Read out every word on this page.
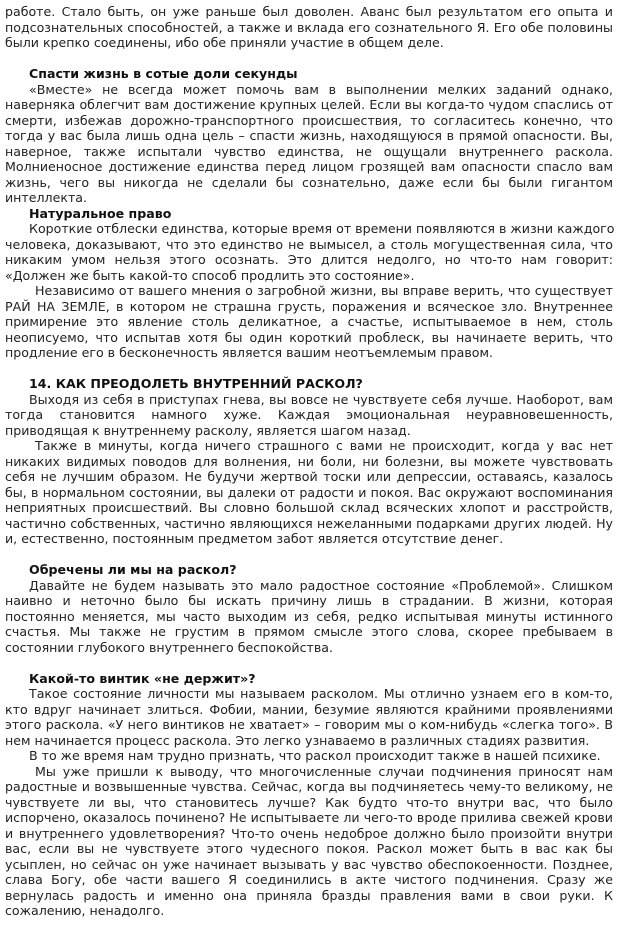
работе. Стало быть, он уже раньше был доволен. Аванс был результатом его опыта и
подсознательных способностей, а также и вклада его сознательного Я. Его обе половины
были крепко соединены, ибо обе приняли участие в общем деле.
Спасти жизнь в сотые доли секунды
«Вместе» не всегда может помочь вам в выполнении мелких заданий однако,
наверняка облегчит вам достижение крупных целей. Если вы когда-то чудом спаслись от
смерти, избежав дорожно-транспортного происшествия, то согласитесь конечно, что
тогда у вас была лишь одна цель – спасти жизнь, находящуюся в прямой опасности. Вы,
наверное, также испытали чувство единства, не ощущали внутреннего раскола.
Молниеносное достижение единства перед лицом грозящей вам опасности спасло вам
жизнь, чего вы никогда не сделали бы сознательно, даже если бы были гигантом
интеллекта.
Натуральное право
Короткие отблески единства, которые время от времени появляются в жизни каждого
человека, доказывают, что это единство не вымысел, а столь могущественная сила, что
никаким умом нельзя этого осознать. Это длится недолго, но что-то нам говорит:
«Должен же быть какой-то способ продлить это состояние».
Независимо от вашего мнения о загробной жизни, вы вправе верить, что существует
РАЙ НА ЗЕМЛЕ, в котором не страшна грусть, поражения и всяческое зло. Внутреннее
примирение это явление столь деликатное, а счастье, испытываемое в нем, столь
неописуемо, что испытав хотя бы один короткий проблеск, вы начинаете верить, что
продление его в бесконечность является вашим неотъемлемым правом.
14. КАК ПРЕОДОЛЕТЬ ВНУТРЕННИЙ РАСКОЛ?
Выходя из себя в приступах гнева, вы вовсе не чувствуете себя лучше. Наоборот, вам
тогда становится намного хуже. Каждая эмоциональная неуравновешенность,
приводящая к внутреннему расколу, является шагом назад.
Также в минуты, когда ничего страшного с вами не происходит, когда у вас нет
никаких видимых поводов для волнения, ни боли, ни болезни, вы можете чувствовать
себя не лучшим образом. Не будучи жертвой тоски или депрессии, оставаясь, казалось
бы, в нормальном состоянии, вы далеки от радости и покоя. Вас окружают воспоминания
неприятных происшествий. Вы словно большой склад всяческих хлопот и расстройств,
частично собственных, частично являющихся нежеланными подарками других людей. Ну
и, естественно, постоянным предметом забот является отсутствие денег.
Обречены ли мы на раскол?
Давайте не будем называть это мало радостное состояние «Проблемой». Слишком
наивно и неточно было бы искать причину лишь в страдании. В жизни, которая
постоянно меняется, мы часто выходим из себя, редко испытывая минуты истинного
счастья. Мы также не грустим в прямом смысле этого слова, скорее пребываем в
состоянии глубокого внутреннего беспокойства.
Какой-то винтик «не держит»?
Такое состояние личности мы называем расколом. Мы отлично узнаем его в ком-то,
кто вдруг начинает злиться. Фобии, мании, безумие являются крайними проявлениями
этого раскола. «У него винтиков не хватает» – говорим мы о ком-нибудь «слегка того». В
нем начинается процесс раскола. Это легко узнаваемо в различных стадиях развития.
В то же время нам трудно признать, что раскол происходит также в нашей психике.
Мы уже пришли к выводу, что многочисленные случаи подчинения приносят нам
радостные и возвышенные чувства. Сейчас, когда вы подчиняетесь чему-то великому, не
чувствуете ли вы, что становитесь лучше? Как будто что-то внутри вас, что было
испорчено, оказалось починено? Не испытываете ли чего-то вроде прилива свежей крови
и внутреннего удовлетворения? Что-то очень недоброе должно было произойти внутри
вас, если вы не чувствуете этого чудесного покоя. Раскол может быть в вас как бы
усыплен, но сейчас он уже начинает вызывать у вас чувство обеспокоенности. Позднее,
слава Богу, обе части вашего Я соединились в акте чистого подчинения. Сразу же
вернулась радость и именно она приняла бразды правления вами в свои руки. К
сожалению, ненадолго.
